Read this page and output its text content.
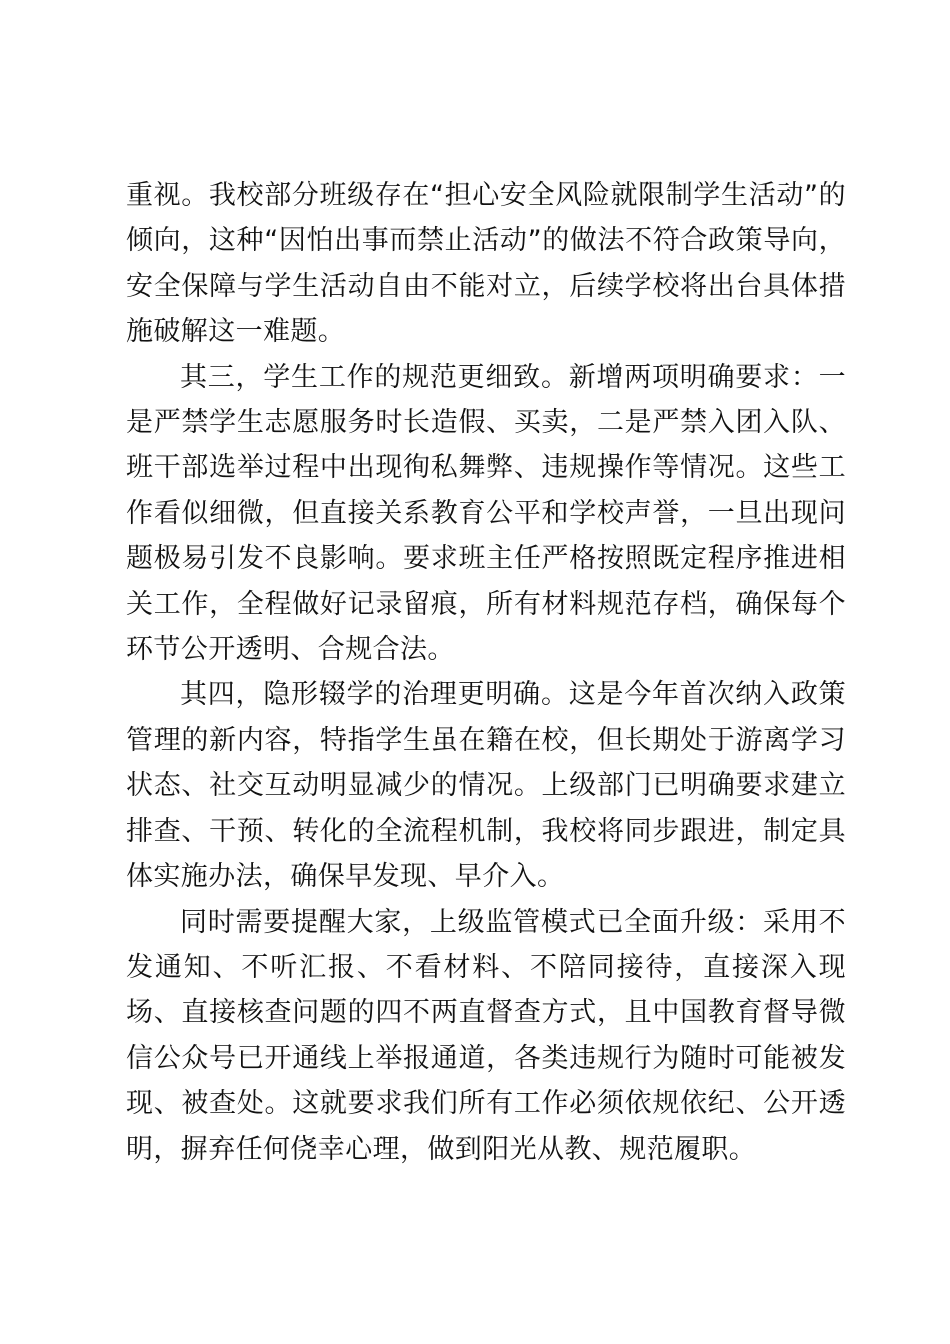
重视。我校部分班级存在“担心安全风险就限制学生活动”的倾向，这种“因怕出事而禁止活动”的做法不符合政策导向，安全保障与学生活动自由不能对立，后续学校将出台具体措施破解这一难题。

其三，学生工作的规范更细致。新增两项明确要求：一是严禁学生志愿服务时长造假、买卖，二是严禁入团入队、班干部选举过程中出现徇私舞弊、违规操作等情况。这些工作看似细微，但直接关系教育公平和学校声誉，一旦出现问题极易引发不良影响。要求班主任严格按照既定程序推进相关工作，全程做好记录留痕，所有材料规范存档，确保每个环节公开透明、合规合法。

其四，隐形辍学的治理更明确。这是今年首次纳入政策管理的新内容，特指学生虽在籍在校，但长期处于游离学习状态、社交互动明显减少的情况。上级部门已明确要求建立排查、干预、转化的全流程机制，我校将同步跟进，制定具体实施办法，确保早发现、早介入。

同时需要提醒大家，上级监管模式已全面升级：采用不发通知、不听汇报、不看材料、不陪同接待，直接深入现场、直接核查问题的四不两直督查方式，且中国教育督导微信公众号已开通线上举报通道，各类违规行为随时可能被发现、被查处。这就要求我们所有工作必须依规依纪、公开透明，摒弃任何侥幸心理，做到阳光从教、规范履职。
